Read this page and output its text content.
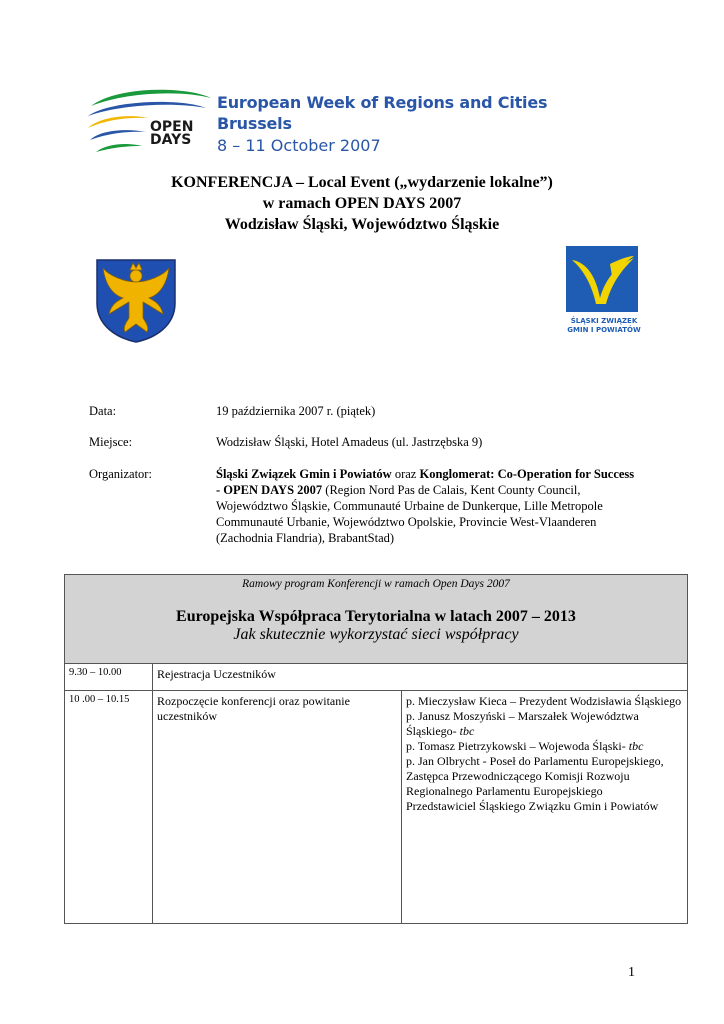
OPEN
DAYS
European Week of Regions and Cities
Brussels
8 – 11 October 2007
KONFERENCJA – Local Event („wydarzenie lokalne”)
w ramach OPEN DAYS 2007
Wodzisław Śląski, Województwo Śląskie
ŚLĄSKI ZWIĄZEK
GMIN I POWIATÓW
Data:	19 października 2007 r. (piątek)
Miejsce:	Wodzisław Śląski, Hotel Amadeus (ul. Jastrzębska 9)
Organizator:	Śląski Związek Gmin i Powiatów oraz Konglomerat: Co-Operation for Success - OPEN DAYS 2007 (Region Nord Pas de Calais, Kent County Council, Województwo Śląskie, Communauté Urbaine de Dunkerque, Lille Metropole Communauté Urbanie, Województwo Opolskie, Provincie West-Vlaanderen (Zachodnia Flandria), BrabantStad)
Ramowy program Konferencji w ramach Open Days 2007
Europejska Współpraca Terytorialna w latach 2007 – 2013
Jak skutecznie wykorzystać sieci współpracy		

9.30 – 10.00	Rejestracja Uczestników	
10 .00 – 10.15	Rozpoczęcie konferencji oraz powitanie uczestników	p. Mieczysław Kieca – Prezydent Wodzisławia Śląskiego
p. Janusz Moszyński – Marszałek Województwa Śląskiego- tbc
p. Tomasz Pietrzykowski – Wojewoda Śląski- tbc
p. Jan Olbrycht - Poseł do Parlamentu Europejskiego, Zastępca Przewodniczącego Komisji Rozwoju Regionalnego Parlamentu Europejskiego
Przedstawiciel Śląskiego Związku Gmin i Powiatów
1
